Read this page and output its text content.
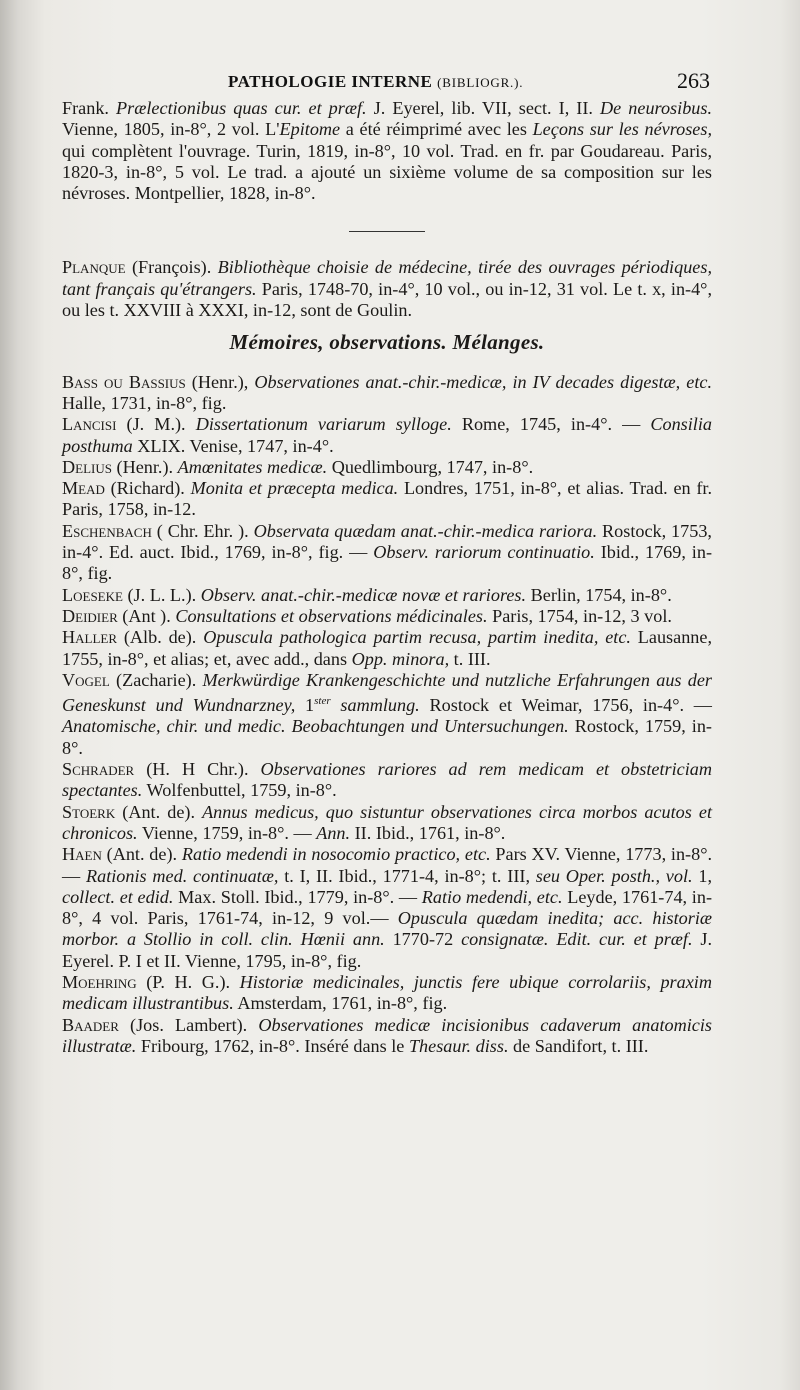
PATHOLOGIE INTERNE (BIBLIOGR.).	263

Frank. Prælectionibus quas cur. et præf. J. Eyerel, lib. VII, sect. I, II. De neurosibus. Vienne, 1805, in-8°, 2 vol. L'Epitome a été réimprimé avec les Leçons sur les névroses, qui complètent l'ouvrage. Turin, 1819, in-8°, 10 vol. Trad. en fr. par Goudareau. Paris, 1820-3, in-8°, 5 vol. Le trad. a ajouté un sixième volume de sa composition sur les névroses. Montpellier, 1828, in-8°.

Planque (François). Bibliothèque choisie de médecine, tirée des ouvrages périodiques, tant français qu'étrangers. Paris, 1748-70, in-4°, 10 vol., ou in-12, 31 vol. Le t. x, in-4°, ou les t. XXVIII à XXXI, in-12, sont de Goulin.

Mémoires, observations. Mélanges.

Bass ou Bassius (Henr.), Observationes anat.-chir.-medicæ, in IV decades digestæ, etc. Halle, 1731, in-8°, fig.

Lancisi (J. M.). Dissertationum variarum sylloge. Rome, 1745, in-4°. — Consilia posthuma XLIX. Venise, 1747, in-4°.

Delius (Henr.). Amœnitates medicæ. Quedlimbourg, 1747, in-8°.

Mead (Richard). Monita et præcepta medica. Londres, 1751, in-8°, et alias. Trad. en fr. Paris, 1758, in-12.

Eschenbach ( Chr. Ehr. ). Observata quædam anat.-chir.-medica rariora. Rostock, 1753, in-4°. Ed. auct. Ibid., 1769, in-8°, fig. — Observ. rariorum continuatio. Ibid., 1769, in-8°, fig.

Loeseke (J. L. L.). Observ. anat.-chir.-medicæ novæ et rariores. Berlin, 1754, in-8°.

Deidier (Ant ). Consultations et observations médicinales. Paris, 1754, in-12, 3 vol.

Haller (Alb. de). Opuscula pathologica partim recusa, partim inedita, etc. Lausanne, 1755, in-8°, et alias; et, avec add., dans Opp. minora, t. III.

Vogel (Zacharie). Merkwürdige Krankengeschichte und nutzliche Erfahrungen aus der Geneskunst und Wundnarzney, $1^{ster}$ sammlung. Rostock et Weimar, 1756, in-4°. — Anatomische, chir. und medic. Beobachtungen und Untersuchungen. Rostock, 1759, in-8°.

Schrader (H. H Chr.). Observationes rariores ad rem medicam et obstetriciam spectantes. Wolfenbuttel, 1759, in-8°.

Stoerk (Ant. de). Annus medicus, quo sistuntur observationes circa morbos acutos et chronicos. Vienne, 1759, in-8°. — Ann. II. Ibid., 1761, in-8°.

Haen (Ant. de). Ratio medendi in nosocomio practico, etc. Pars XV. Vienne, 1773, in-8°. — Rationis med. continuatæ, t. I, II. Ibid., 1771-4, in-8°; t. III, seu Oper. posth., vol. 1, collect. et edid. Max. Stoll. Ibid., 1779, in-8°. — Ratio medendi, etc. Leyde, 1761-74, in-8°, 4 vol. Paris, 1761-74, in-12, 9 vol.— Opuscula quædam inedita; acc. historiæ morbor. a Stollio in coll. clin. Hœnii ann. 1770-72 consignatæ. Edit. cur. et præf. J. Eyerel. P. I et II. Vienne, 1795, in-8°, fig.

Moehring (P. H. G.). Historiæ medicinales, junctis fere ubique corrolariis, praxim medicam illustrantibus. Amsterdam, 1761, in-8°, fig.

Baader (Jos. Lambert). Observationes medicæ incisionibus cadaverum anatomicis illustratæ. Fribourg, 1762, in-8°. Inséré dans le Thesaur. diss. de Sandifort, t. III.
